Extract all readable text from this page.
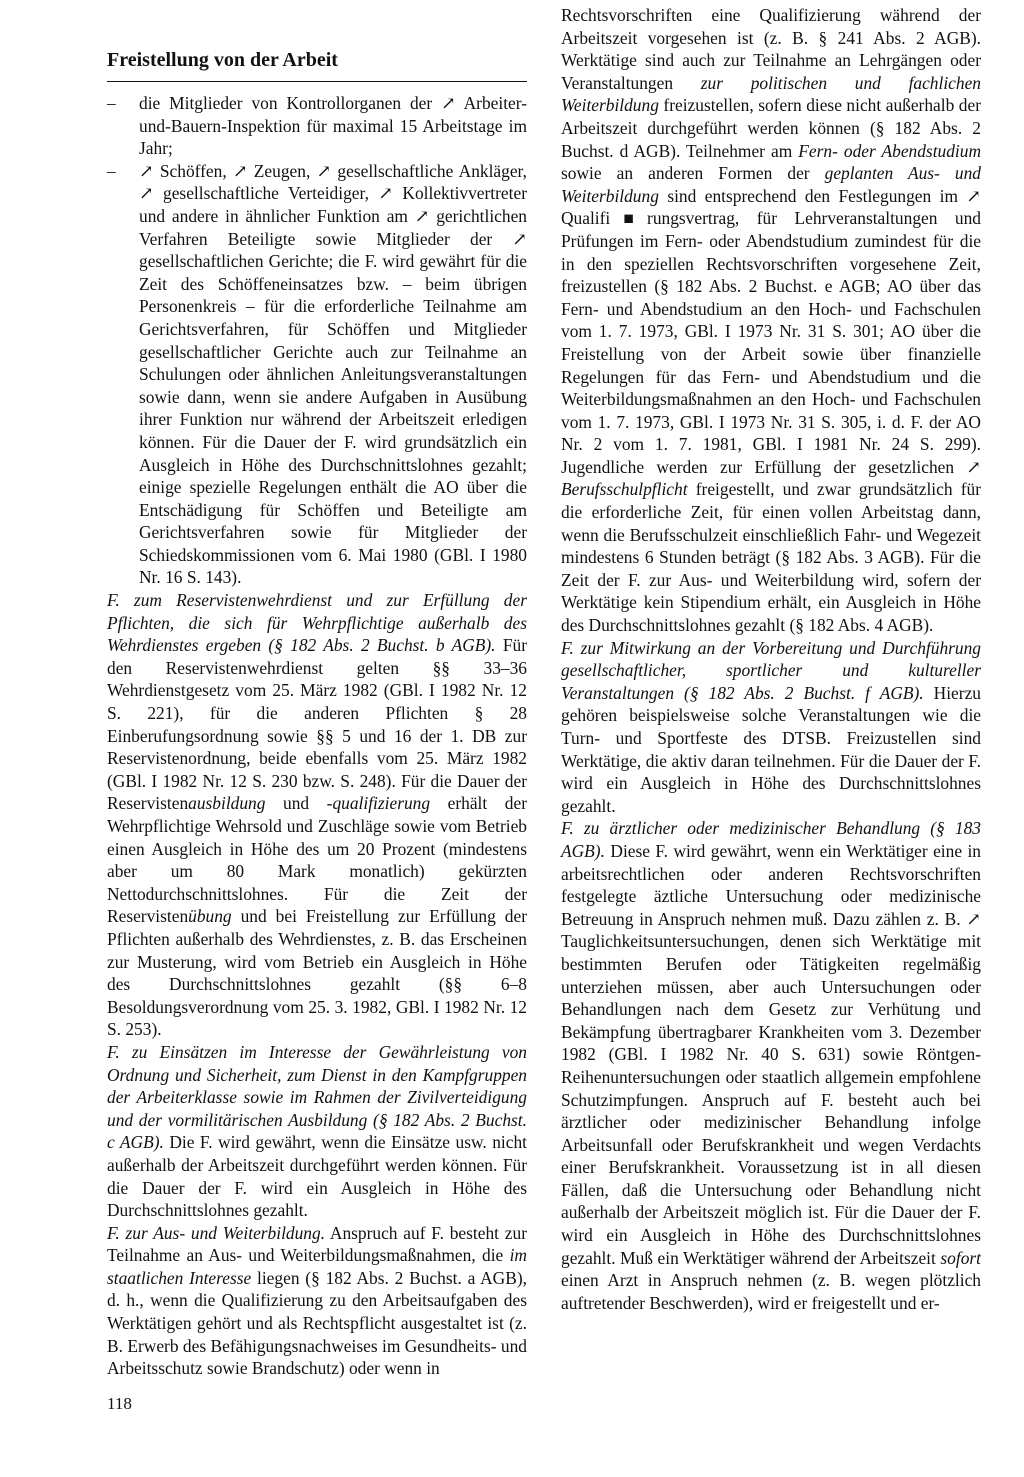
Freistellung von der Arbeit
– die Mitglieder von Kontrollorganen der ↗ Arbeiter-und-Bauern-Inspektion für maximal 15 Arbeitstage im Jahr;
– ↗ Schöffen, ↗ Zeugen, ↗ gesellschaftliche Ankläger, ↗ gesellschaftliche Verteidiger, ↗ Kollektivvertreter und andere in ähnlicher Funktion am ↗ gerichtlichen Verfahren Beteiligte sowie Mitglieder der ↗ gesellschaftlichen Gerichte; die F. wird gewährt für die Zeit des Schöffeneinsatzes bzw. – beim übrigen Personenkreis – für die erforderliche Teilnahme am Gerichtsverfahren, für Schöffen und Mitglieder gesellschaftlicher Gerichte auch zur Teilnahme an Schulungen oder ähnlichen Anleitungsveranstaltungen sowie dann, wenn sie andere Aufgaben in Ausübung ihrer Funktion nur während der Arbeitszeit erledigen können. Für die Dauer der F. wird grundsätzlich ein Ausgleich in Höhe des Durchschnittslohnes gezahlt; einige spezielle Regelungen enthält die AO über die Entschädigung für Schöffen und Beteiligte am Gerichtsverfahren sowie für Mitglieder der Schiedskommissionen vom 6. Mai 1980 (GBl. I 1980 Nr. 16 S. 143).

F. zum Reservistenwehrdienst und zur Erfüllung der Pflichten, die sich für Wehrpflichtige außerhalb des Wehrdienstes ergeben (§ 182 Abs. 2 Buchst. b AGB). Für den Reservistenwehrdienst gelten §§ 33–36 Wehrdienstgesetz vom 25. März 1982 (GBl. I 1982 Nr. 12 S. 221), für die anderen Pflichten § 28 Einberufungsordnung sowie §§ 5 und 16 der 1. DB zur Reservistenordnung, beide ebenfalls vom 25. März 1982 (GBl. I 1982 Nr. 12 S. 230 bzw. S. 248). Für die Dauer der Reservistenausbildung und -qualifizierung erhält der Wehrpflichtige Wehrsold und Zuschläge sowie vom Betrieb einen Ausgleich in Höhe des um 20 Prozent (mindestens aber um 80 Mark monatlich) gekürzten Nettodurchschnittslohnes. Für die Zeit der Reservistenübung und bei Freistellung zur Erfüllung der Pflichten außerhalb des Wehrdienstes, z. B. das Erscheinen zur Musterung, wird vom Betrieb ein Ausgleich in Höhe des Durchschnittslohnes gezahlt (§§ 6–8 Besoldungsverordnung vom 25. 3. 1982, GBl. I 1982 Nr. 12 S. 253).

F. zu Einsätzen im Interesse der Gewährleistung von Ordnung und Sicherheit, zum Dienst in den Kampfgruppen der Arbeiterklasse sowie im Rahmen der Zivilverteidigung und der vormilitärischen Ausbildung (§ 182 Abs. 2 Buchst. c AGB). Die F. wird gewährt, wenn die Einsätze usw. nicht außerhalb der Arbeitszeit durchgeführt werden können. Für die Dauer der F. wird ein Ausgleich in Höhe des Durchschnittslohnes gezahlt.

F. zur Aus- und Weiterbildung. Anspruch auf F. besteht zur Teilnahme an Aus- und Weiterbildungsmaßnahmen, die im staatlichen Interesse liegen (§ 182 Abs. 2 Buchst. a AGB), d. h., wenn die Qualifizierung zu den Arbeitsaufgaben des Werktätigen gehört und als Rechtspflicht ausgestaltet ist (z. B. Erwerb des Befähigungsnachweises im Gesundheits- und Arbeitsschutz sowie Brandschutz) oder wenn in

Rechtsvorschriften eine Qualifizierung während der Arbeitszeit vorgesehen ist (z. B. § 241 Abs. 2 AGB). Werktätige sind auch zur Teilnahme an Lehrgängen oder Veranstaltungen zur politischen und fachlichen Weiterbildung freizustellen, sofern diese nicht außerhalb der Arbeitszeit durchgeführt werden können (§ 182 Abs. 2 Buchst. d AGB). Teilnehmer am Fern- oder Abendstudium sowie an anderen Formen der geplanten Aus- und Weiterbildung sind entsprechend den Festlegungen im ↗ Qualifi■rungsvertrag, für Lehrveranstaltungen und Prüfungen im Fern- oder Abendstudium zumindest für die in den speziellen Rechtsvorschriften vorgesehene Zeit, freizustellen (§ 182 Abs. 2 Buchst. e AGB; AO über das Fern- und Abendstudium an den Hoch- und Fachschulen vom 1. 7. 1973, GBl. I 1973 Nr. 31 S. 301; AO über die Freistellung von der Arbeit sowie über finanzielle Regelungen für das Fern- und Abendstudium und die Weiterbildungsmaßnahmen an den Hoch- und Fachschulen vom 1. 7. 1973, GBl. I 1973 Nr. 31 S. 305, i. d. F. der AO Nr. 2 vom 1. 7. 1981, GBl. I 1981 Nr. 24 S. 299). Jugendliche werden zur Erfüllung der gesetzlichen ↗ Berufsschulpflicht freigestellt, und zwar grundsätzlich für die erforderliche Zeit, für einen vollen Arbeitstag dann, wenn die Berufsschulzeit einschließlich Fahr- und Wegezeit mindestens 6 Stunden beträgt (§ 182 Abs. 3 AGB). Für die Zeit der F. zur Aus- und Weiterbildung wird, sofern der Werktätige kein Stipendium erhält, ein Ausgleich in Höhe des Durchschnittslohnes gezahlt (§ 182 Abs. 4 AGB).

F. zur Mitwirkung an der Vorbereitung und Durchführung gesellschaftlicher, sportlicher und kultureller Veranstaltungen (§ 182 Abs. 2 Buchst. f AGB). Hierzu gehören beispielsweise solche Veranstaltungen wie die Turn- und Sportfeste des DTSB. Freizustellen sind Werktätige, die aktiv daran teilnehmen. Für die Dauer der F. wird ein Ausgleich in Höhe des Durchschnittslohnes gezahlt.

F. zu ärztlicher oder medizinischer Behandlung (§ 183 AGB). Diese F. wird gewährt, wenn ein Werktätiger eine in arbeitsrechtlichen oder anderen Rechtsvorschriften festgelegte äztliche Untersuchung oder medizinische Betreuung in Anspruch nehmen muß. Dazu zählen z. B. ↗ Tauglichkeitsuntersuchungen, denen sich Werktätige mit bestimmten Berufen oder Tätigkeiten regelmäßig unterziehen müssen, aber auch Untersuchungen oder Behandlungen nach dem Gesetz zur Verhütung und Bekämpfung übertragbarer Krankheiten vom 3. Dezember 1982 (GBl. I 1982 Nr. 40 S. 631) sowie Röntgen-Reihenuntersuchungen oder staatlich allgemein empfohlene Schutzimpfungen. Anspruch auf F. besteht auch bei ärztlicher oder medizinischer Behandlung infolge Arbeitsunfall oder Berufskrankheit und wegen Verdachts einer Berufskrankheit. Voraussetzung ist in all diesen Fällen, daß die Untersuchung oder Behandlung nicht außerhalb der Arbeitszeit möglich ist. Für die Dauer der F. wird ein Ausgleich in Höhe des Durchschnittslohnes gezahlt. Muß ein Werktätiger während der Arbeitszeit sofort einen Arzt in Anspruch nehmen (z. B. wegen plötzlich auftretender Beschwerden), wird er freigestellt und er-

118
